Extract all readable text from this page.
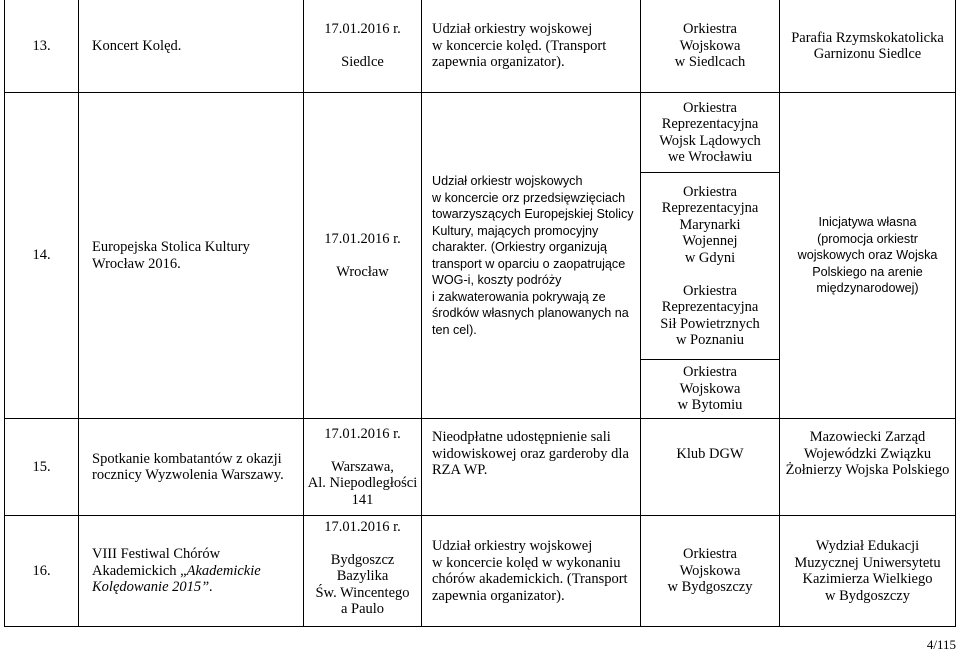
13.	Koncert Kolęd.
17.01.2016 r.

Siedlce
Udział orkiestry wojskowej
w koncercie kolęd. (Transport
zapewnia organizator).
Orkiestra
Wojskowa
w Siedlcach
Parafia Rzymskokatolicka
Garnizonu Siedlce
14.
Europejska Stolica Kultury
Wrocław 2016.
17.01.2016 r.

Wrocław
Udział orkiestr wojskowych
w koncercie orz przedsięwzięciach
towarzyszących Europejskiej Stolicy
Kultury, mających promocyjny
charakter. (Orkiestry organizują
transport w oparciu o zaopatrujące
WOG-i, koszty podróży
i zakwaterowania pokrywają ze
środków własnych planowanych na
ten cel).
Orkiestra
Reprezentacyjna
Wojsk Lądowych
we Wrocławiu
Orkiestra
Reprezentacyjna
Marynarki
Wojennej
w Gdyni
Orkiestra
Reprezentacyjna
Sił Powietrznych
w Poznaniu
Orkiestra
Wojskowa
w Bytomiu
Inicjatywa własna
(promocja orkiestr
wojskowych oraz Wojska
Polskiego na arenie
międzynarodowej)
15.
Spotkanie kombatantów z okazji
rocznicy Wyzwolenia Warszawy.
17.01.2016 r.

Warszawa,
Al. Niepodległości
141
Nieodpłatne udostępnienie sali
widowiskowej oraz garderoby dla
RZA WP.
Klub DGW
Mazowiecki Zarząd
Wojewódzki Związku
Żołnierzy Wojska Polskiego
16.
VIII Festiwal Chórów
Akademickich „Akademickie
Kolędowanie 2015”.
17.01.2016 r.

Bydgoszcz
Bazylika
Św. Wincentego
a Paulo
Udział orkiestry wojskowej
w koncercie kolęd w wykonaniu
chórów akademickich. (Transport
zapewnia organizator).
Orkiestra
Wojskowa
w Bydgoszczy
Wydział Edukacji
Muzycznej Uniwersytetu
Kazimierza Wielkiego
w Bydgoszczy
4/115
